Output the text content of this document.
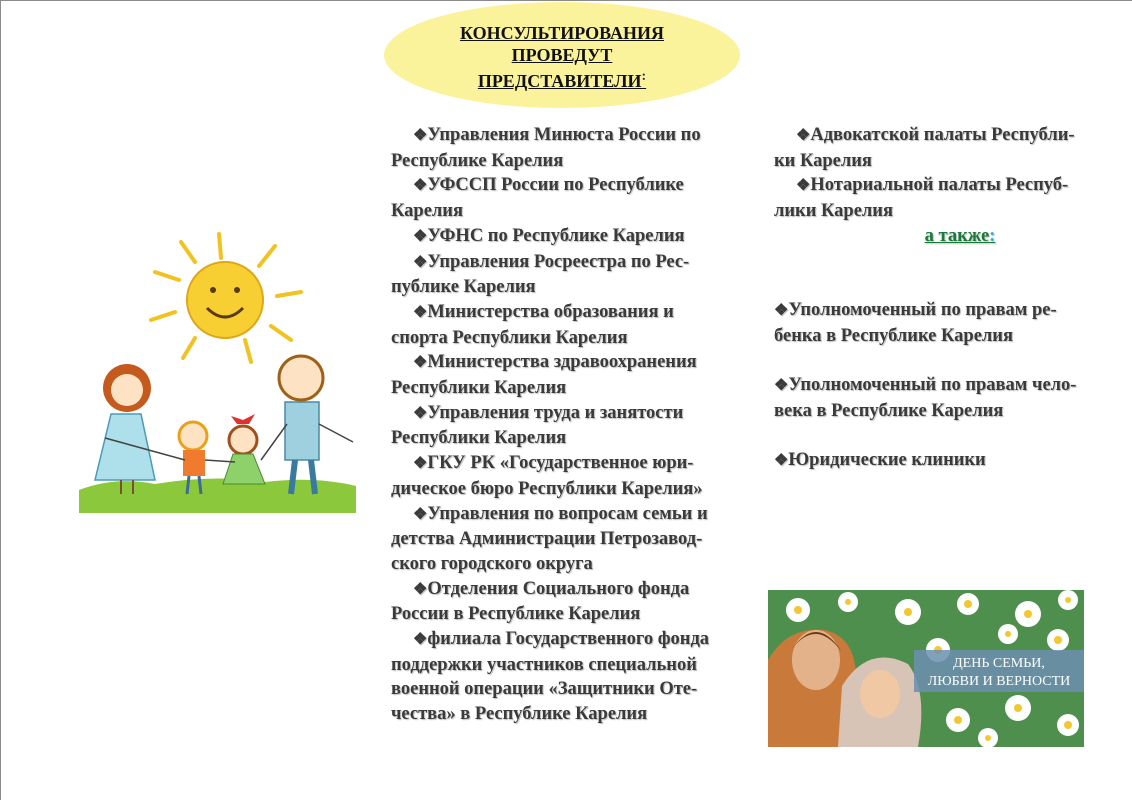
КОНСУЛЬТИРОВАНИЯ
ПРОВЕДУТ
ПРЕДСТАВИТЕЛИ:
❖Управления Минюста России по
Республике Карелия
❖УФССП России по Республике
Карелия
❖УФНС по Республике Карелия
❖Управления Росреестра по Рес-
публике Карелия
❖Министерства образования и
спорта Республики Карелия
❖Министерства здравоохранения
Республики Карелия
❖Управления труда и занятости
Республики Карелия
❖ГКУ РК «Государственное юри-
дическое бюро Республики Карелия»
❖Управления по вопросам семьи и
детства Администрации Петрозавод-
ского городского округа
❖Отделения Социального фонда
России в Республике Карелия
❖филиала Государственного фонда
поддержки участников специальной
военной операции «Защитники Оте-
чества» в Республике Карелия
❖Адвокатской палаты Республи-
ки Карелия
❖Нотариальной палаты Респуб-
лики Карелия
а также:
❖Уполномоченный по правам ре-
бенка в Республике Карелия
❖Уполномоченный по правам чело-
века в Республике Карелия
❖Юридические клиники
ДЕНЬ СЕМЬИ,
ЛЮБВИ И ВЕРНОСТИ
